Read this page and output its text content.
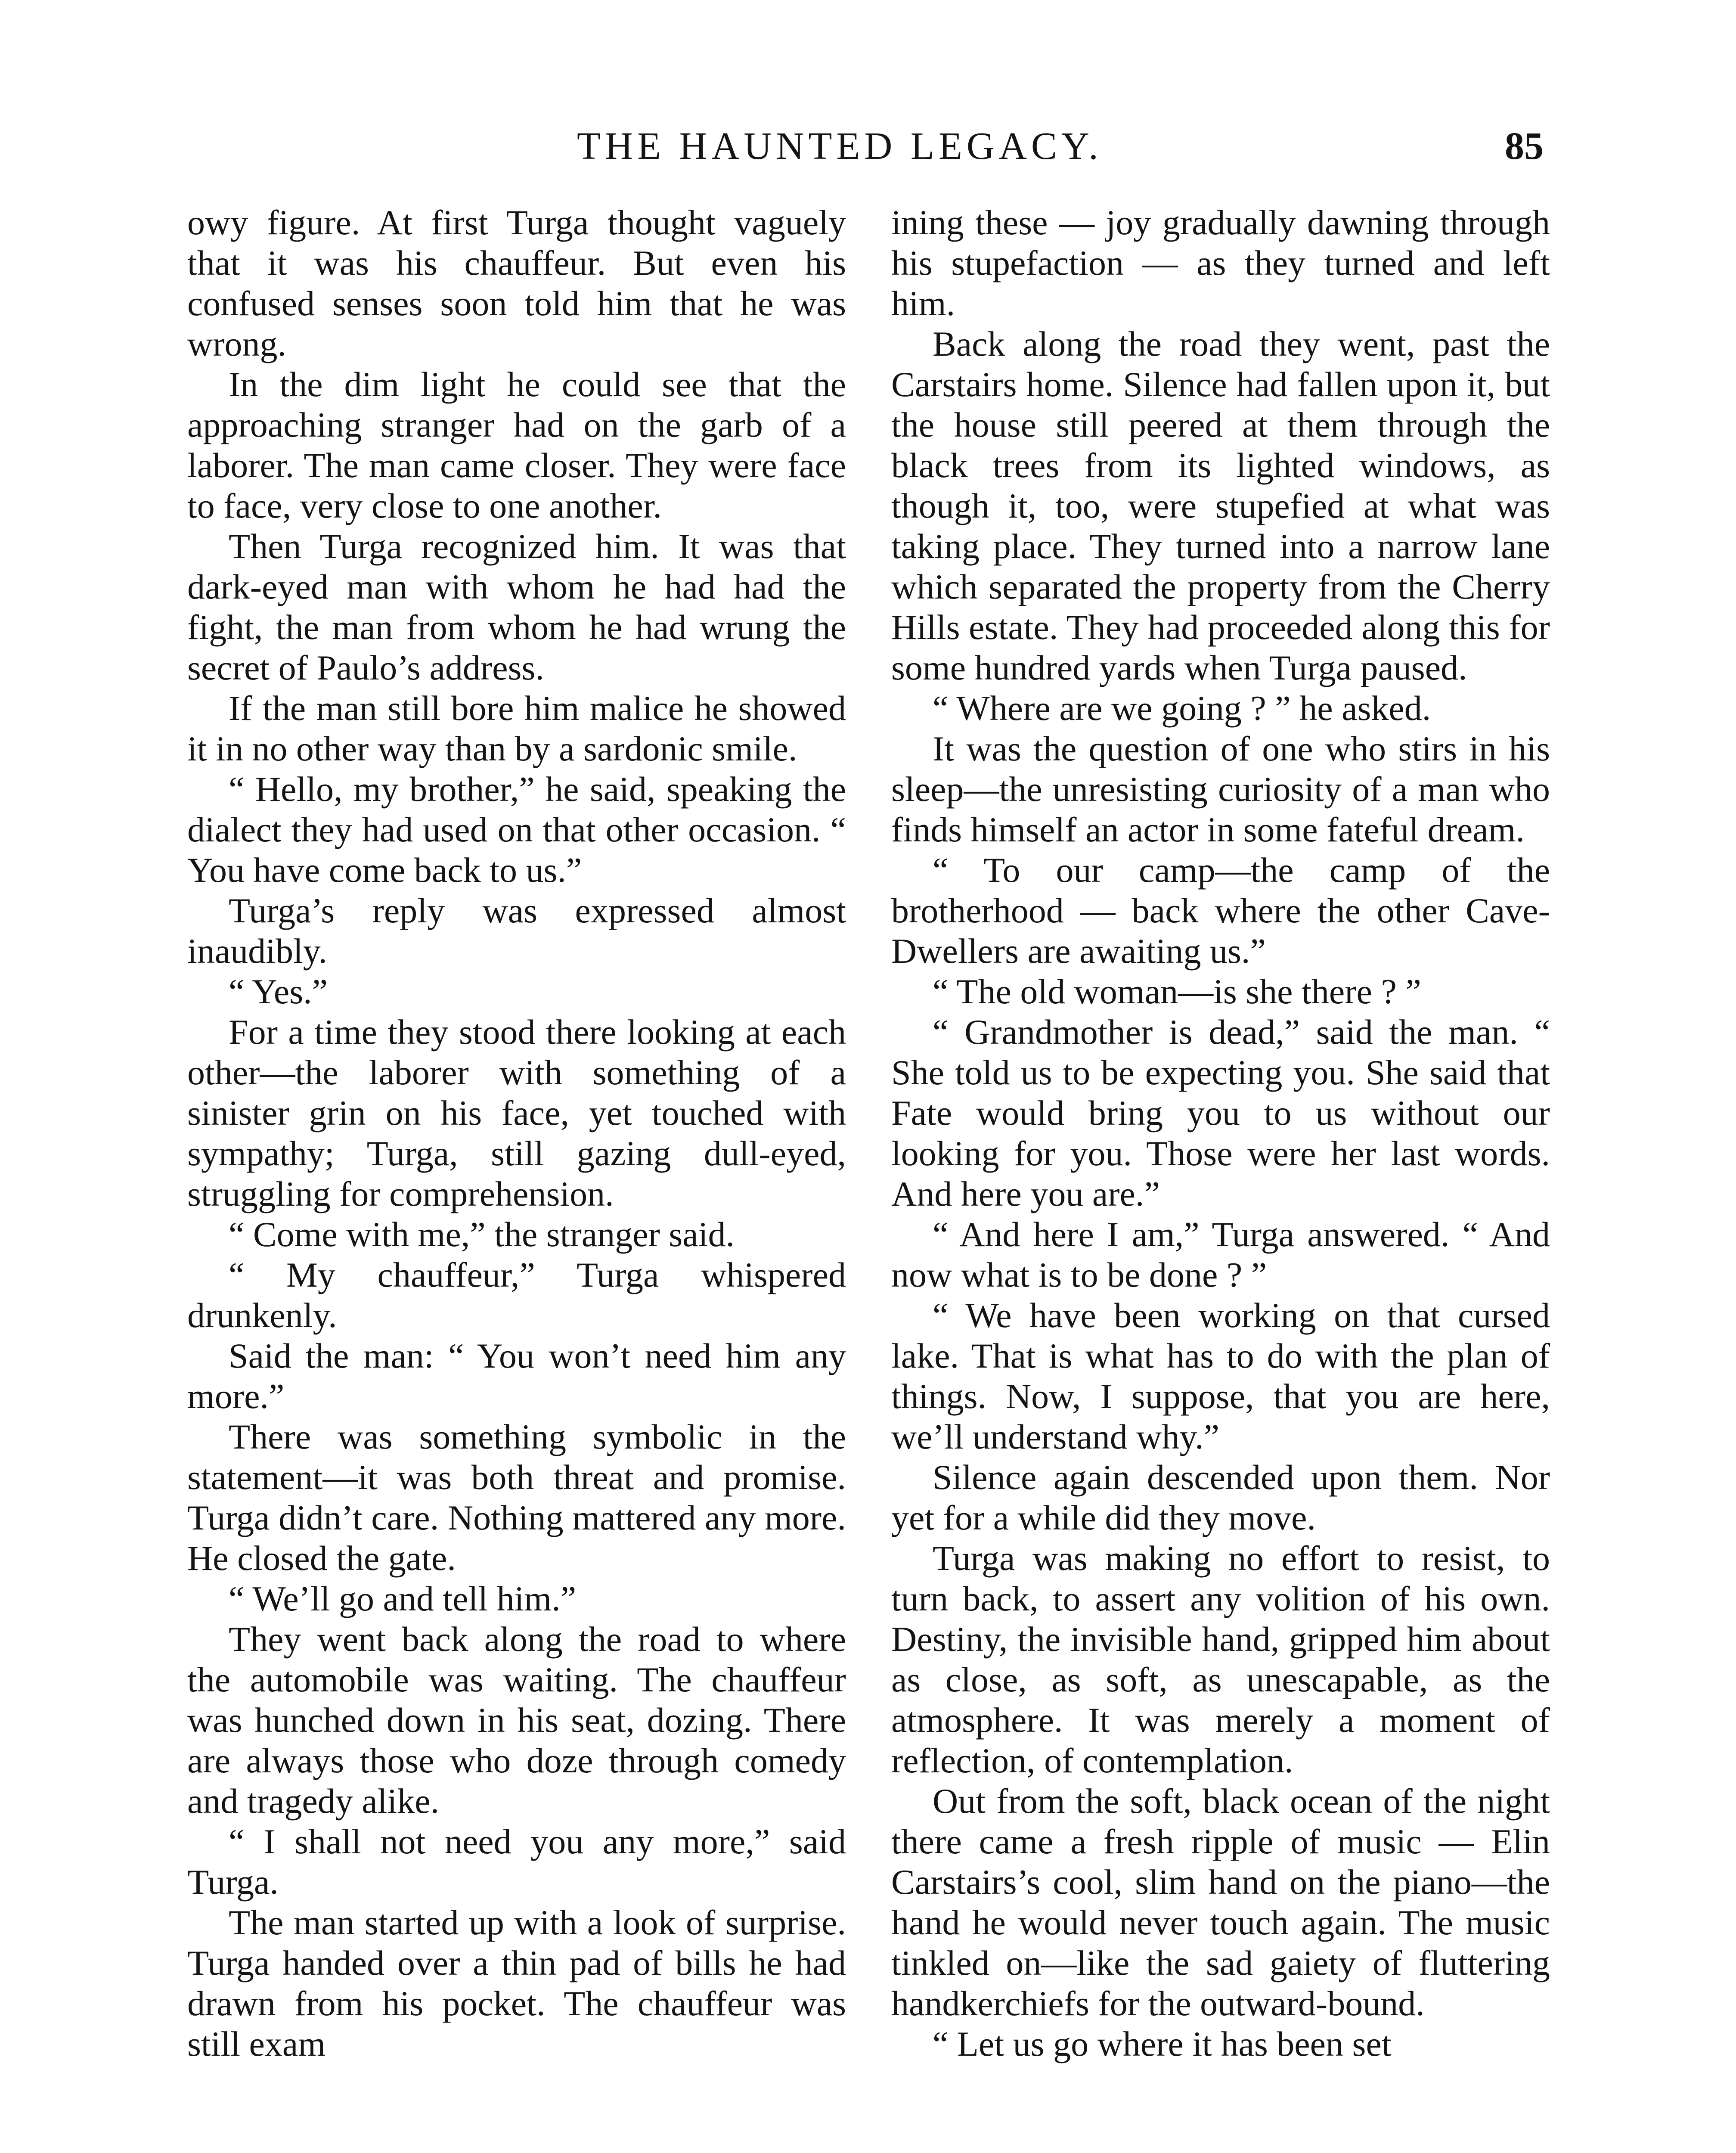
THE HAUNTED LEGACY.	85

owy figure. At first Turga thought vaguely that it was his chauffeur. But even his confused senses soon told him that he was wrong.

In the dim light he could see that the approaching stranger had on the garb of a laborer. The man came closer. They were face to face, very close to one another.

Then Turga recognized him. It was that dark-eyed man with whom he had had the fight, the man from whom he had wrung the secret of Paulo’s address.

If the man still bore him malice he showed it in no other way than by a sardonic smile.

“ Hello, my brother,” he said, speaking the dialect they had used on that other occasion. “ You have come back to us.”

Turga’s reply was expressed almost inaudibly.

“ Yes.”

For a time they stood there looking at each other—the laborer with something of a sinister grin on his face, yet touched with sympathy; Turga, still gazing dull-eyed, struggling for comprehension.

“ Come with me,” the stranger said.

“ My chauffeur,” Turga whispered drunkenly.

Said the man: “ You won’t need him any more.”

There was something symbolic in the statement—it was both threat and promise. Turga didn’t care. Nothing mattered any more. He closed the gate.

“ We’ll go and tell him.”

They went back along the road to where the automobile was waiting. The chauffeur was hunched down in his seat, dozing. There are always those who doze through comedy and tragedy alike.

“ I shall not need you any more,” said Turga.

The man started up with a look of surprise. Turga handed over a thin pad of bills he had drawn from his pocket. The chauffeur was still exam

ining these — joy gradually dawning through his stupefaction — as they turned and left him.

Back along the road they went, past the Carstairs home. Silence had fallen upon it, but the house still peered at them through the black trees from its lighted windows, as though it, too, were stupefied at what was taking place. They turned into a narrow lane which separated the property from the Cherry Hills estate. They had proceeded along this for some hundred yards when Turga paused.

“ Where are we going ? ” he asked.

It was the question of one who stirs in his sleep—the unresisting curiosity of a man who finds himself an actor in some fateful dream.

“ To our camp—the camp of the brotherhood — back where the other Cave-Dwellers are awaiting us.”

“ The old woman—is she there ? ”

“ Grandmother is dead,” said the man. “ She told us to be expecting you. She said that Fate would bring you to us without our looking for you. Those were her last words. And here you are.”

“ And here I am,” Turga answered. “ And now what is to be done ? ”

“ We have been working on that cursed lake. That is what has to do with the plan of things. Now, I suppose, that you are here, we’ll understand why.”

Silence again descended upon them. Nor yet for a while did they move.

Turga was making no effort to resist, to turn back, to assert any volition of his own. Destiny, the invisible hand, gripped him about as close, as soft, as unescapable, as the atmosphere. It was merely a moment of reflection, of contemplation.

Out from the soft, black ocean of the night there came a fresh ripple of music — Elin Carstairs’s cool, slim hand on the piano—the hand he would never touch again. The music tinkled on—like the sad gaiety of fluttering handkerchiefs for the outward-bound.

“ Let us go where it has been set
